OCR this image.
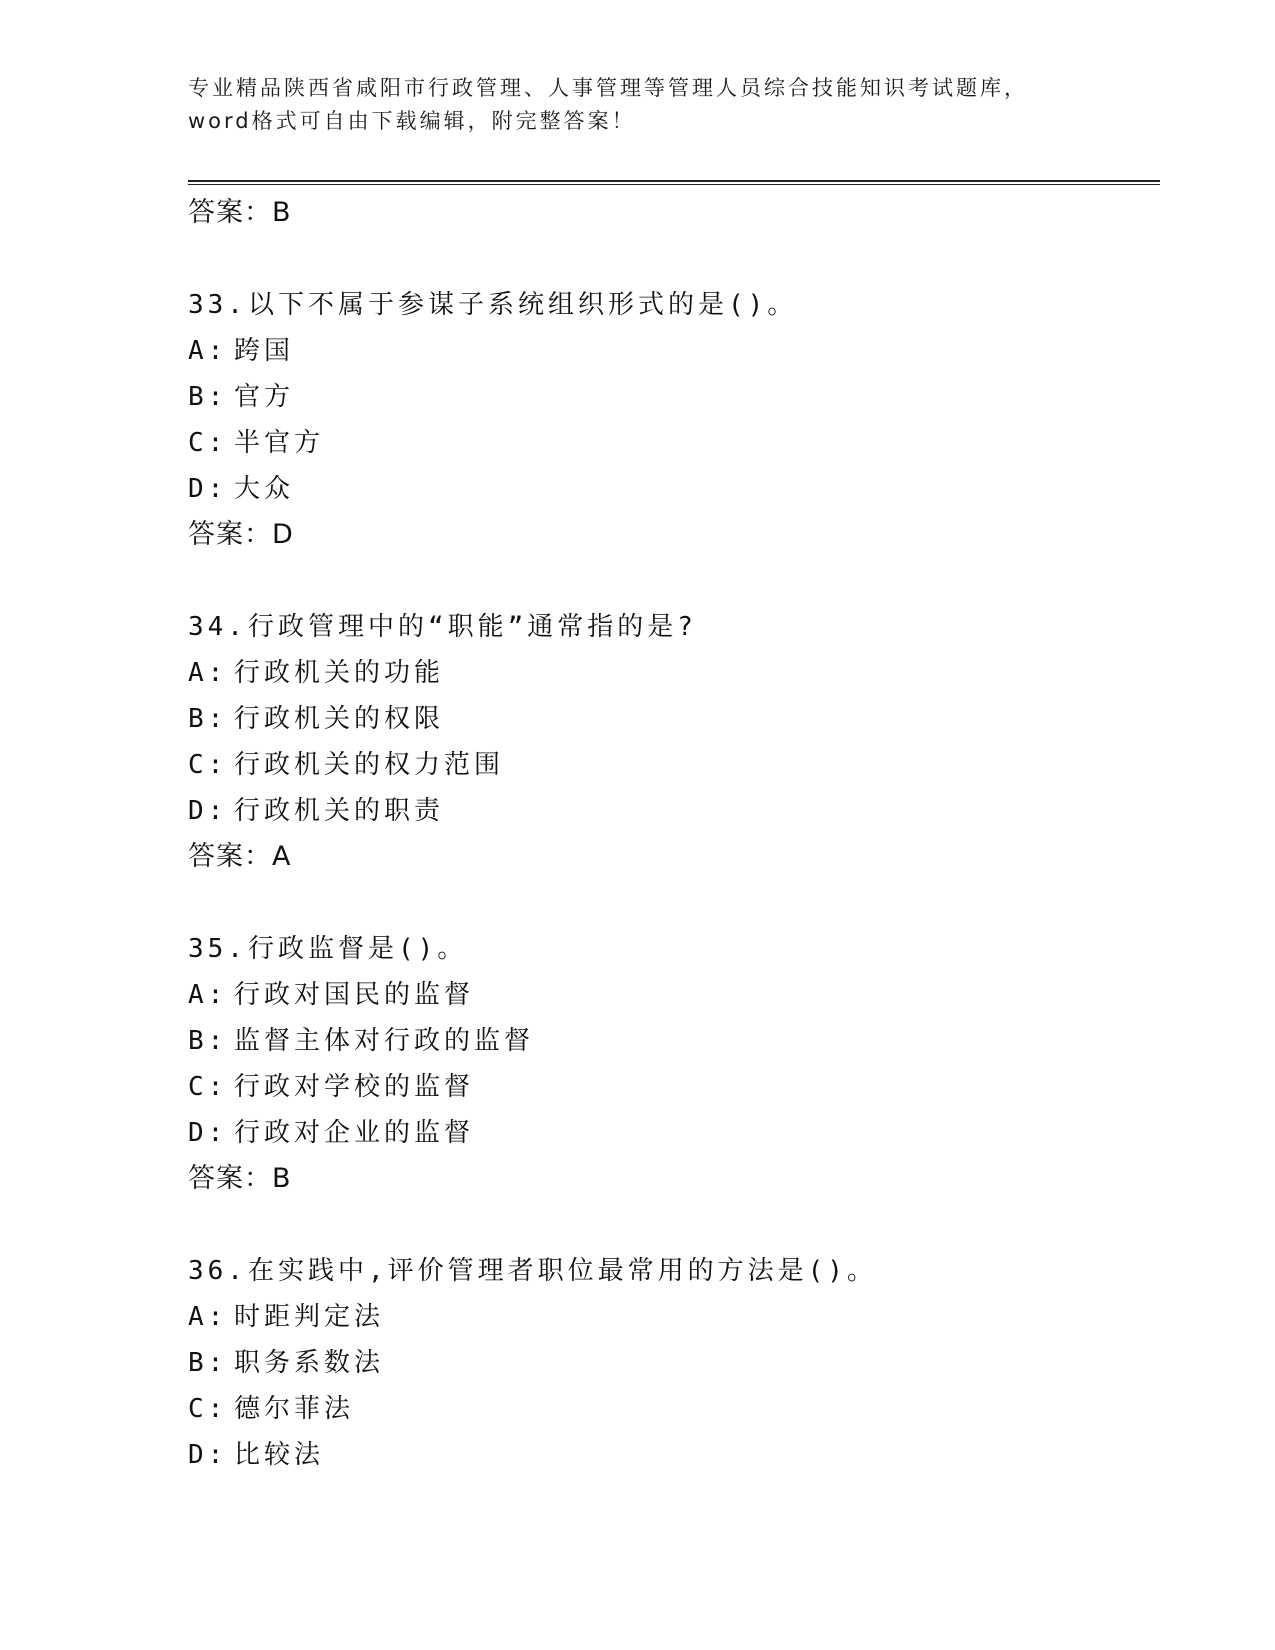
专业精品陕西省咸阳市行政管理、人事管理等管理人员综合技能知识考试题库，
word格式可自由下载编辑，附完整答案！
答案：B
33.以下不属于参谋子系统组织形式的是()。
A: 跨国
B: 官方
C: 半官方
D: 大众
答案：D
34.行政管理中的“职能”通常指的是?
A: 行政机关的功能
B: 行政机关的权限
C: 行政机关的权力范围
D: 行政机关的职责
答案：A
35.行政监督是()。
A: 行政对国民的监督
B: 监督主体对行政的监督
C: 行政对学校的监督
D: 行政对企业的监督
答案：B
36.在实践中,评价管理者职位最常用的方法是()。
A: 时距判定法
B: 职务系数法
C: 德尔菲法
D: 比较法
